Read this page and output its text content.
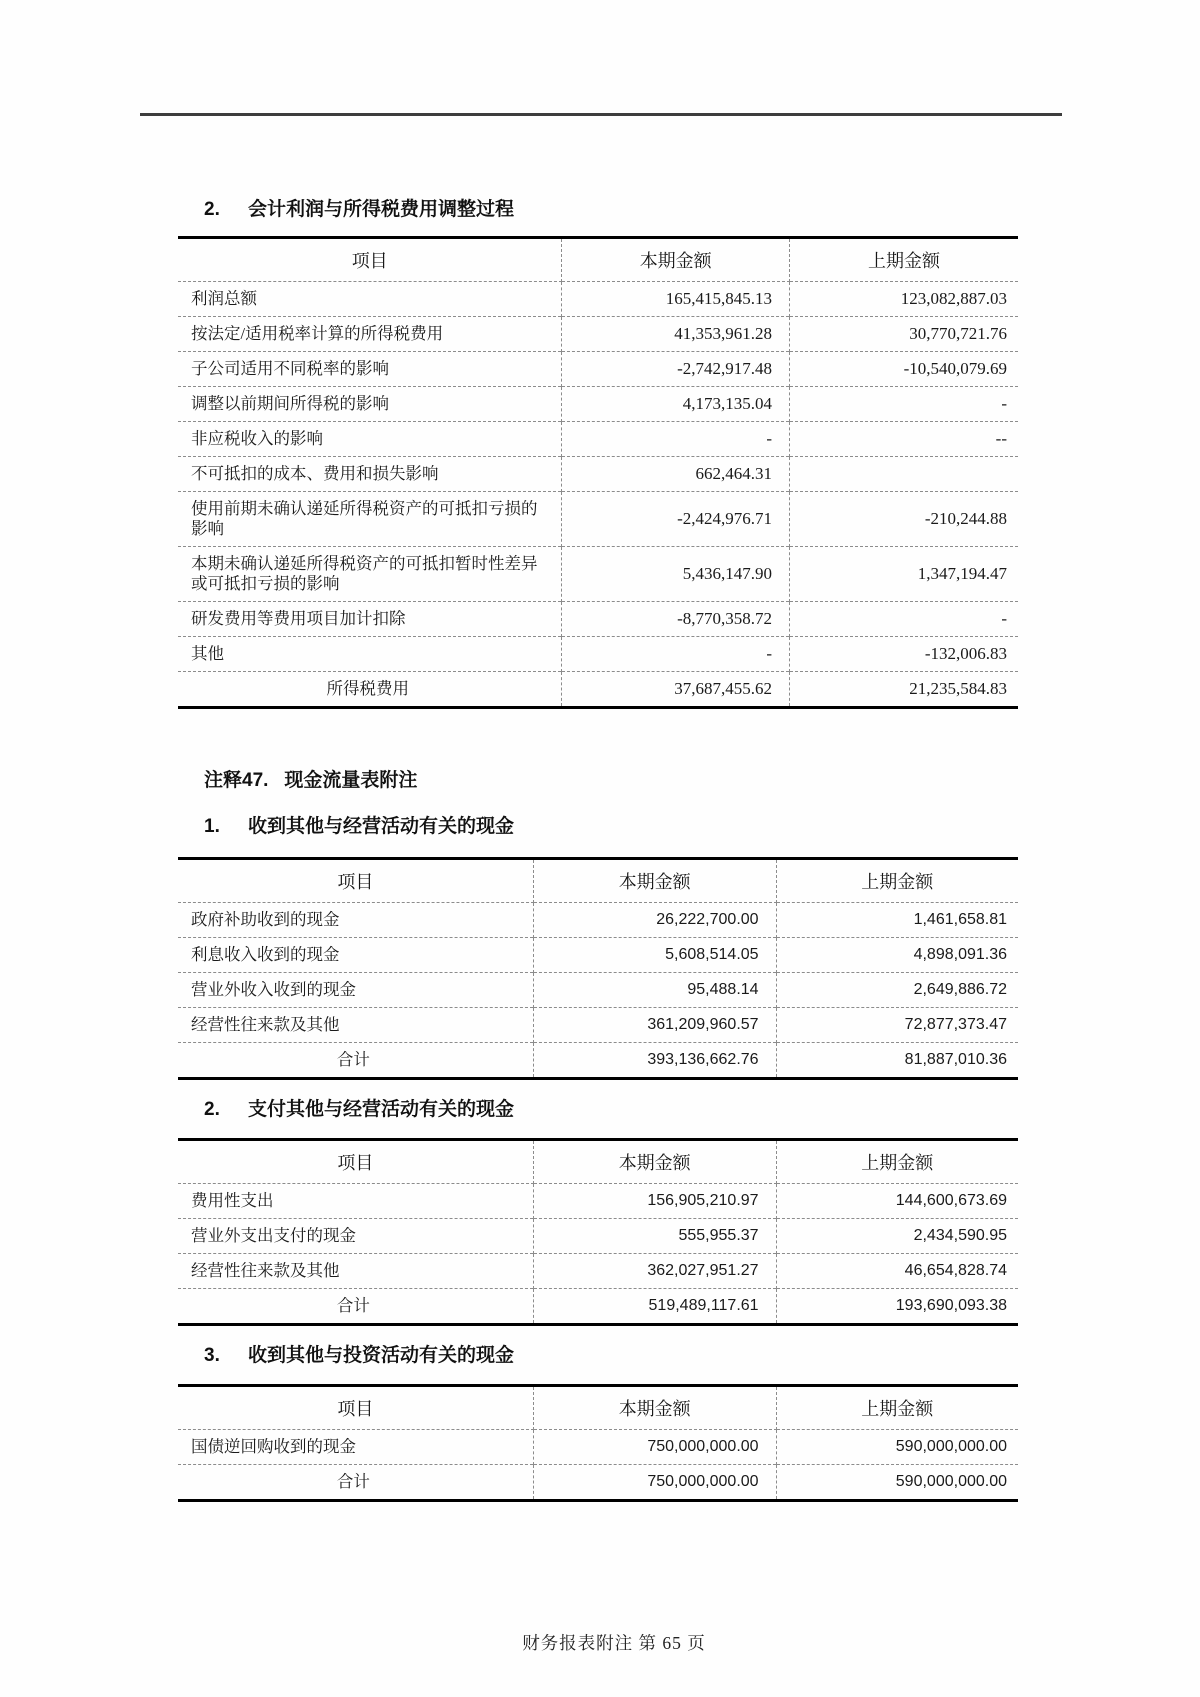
2. 会计利润与所得税费用调整过程
项目	本期金额	上期金额
利润总额	165,415,845.13	123,082,887.03
按法定/适用税率计算的所得税费用	41,353,961.28	30,770,721.76
子公司适用不同税率的影响	-2,742,917.48	-10,540,079.69
调整以前期间所得税的影响	4,173,135.04	-
非应税收入的影响	-	--
不可抵扣的成本、费用和损失影响	662,464.31	
使用前期未确认递延所得税资产的可抵扣亏损的影响	-2,424,976.71	-210,244.88
本期未确认递延所得税资产的可抵扣暂时性差异或可抵扣亏损的影响	5,436,147.90	1,347,194.47
研发费用等费用项目加计扣除	-8,770,358.72	-
其他	-	-132,006.83
所得税费用	37,687,455.62	21,235,584.83
注释47. 现金流量表附注
1. 收到其他与经营活动有关的现金
项目	本期金额	上期金额
政府补助收到的现金	26,222,700.00	1,461,658.81
利息收入收到的现金	5,608,514.05	4,898,091.36
营业外收入收到的现金	95,488.14	2,649,886.72
经营性往来款及其他	361,209,960.57	72,877,373.47
合计	393,136,662.76	81,887,010.36
2. 支付其他与经营活动有关的现金
项目	本期金额	上期金额
费用性支出	156,905,210.97	144,600,673.69
营业外支出支付的现金	555,955.37	2,434,590.95
经营性往来款及其他	362,027,951.27	46,654,828.74
合计	519,489,117.61	193,690,093.38
3. 收到其他与投资活动有关的现金
项目	本期金额	上期金额
国债逆回购收到的现金	750,000,000.00	590,000,000.00
合计	750,000,000.00	590,000,000.00
财务报表附注 第 65 页
